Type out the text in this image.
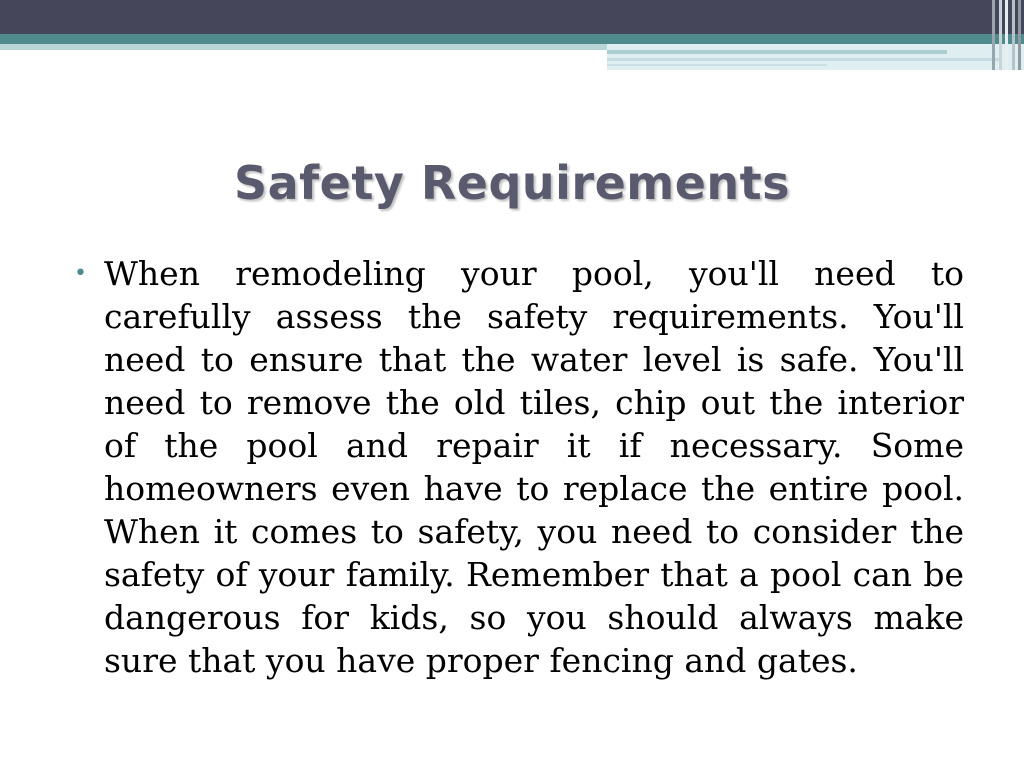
Safety Requirements
• When remodeling your pool, you'll need to carefully assess the safety requirements. You'll need to ensure that the water level is safe. You'll need to remove the old tiles, chip out the interior of the pool and repair it if necessary. Some homeowners even have to replace the entire pool. When it comes to safety, you need to consider the safety of your family. Remember that a pool can be dangerous for kids, so you should always make sure that you have proper fencing and gates.
